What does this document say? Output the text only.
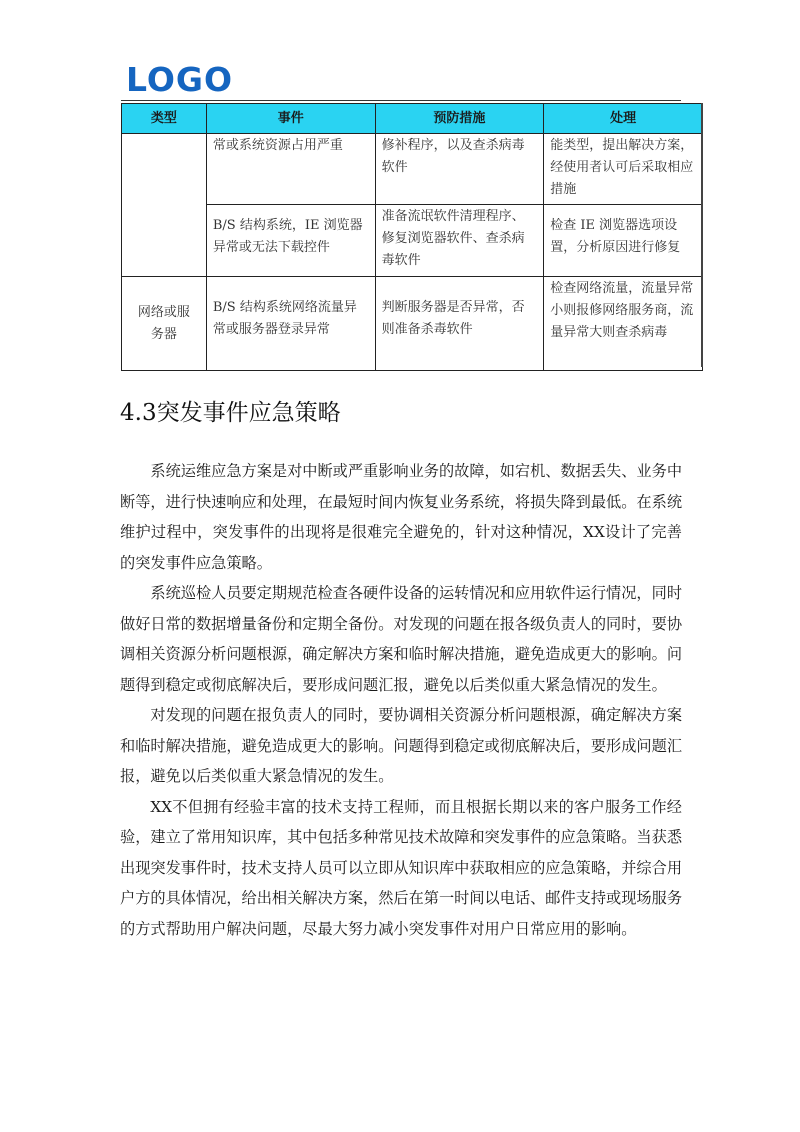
LOGO
类型	事件	预防措施	处理
	常或系统资源占用严重	修补程序，以及查杀病毒软件	能类型，提出解决方案，经使用者认可后采取相应措施
	B/S 结构系统，IE 浏览器异常或无法下载控件	准备流氓软件清理程序、修复浏览器软件、查杀病毒软件	检查 IE 浏览器选项设置，分析原因进行修复
网络或服务器	B/S 结构系统网络流量异常或服务器登录异常	判断服务器是否异常，否则准备杀毒软件	检查网络流量，流量异常小则报修网络服务商，流量异常大则查杀病毒
4.3突发事件应急策略

系统运维应急方案是对中断或严重影响业务的故障，如宕机、数据丢失、业务中断等，进行快速响应和处理，在最短时间内恢复业务系统，将损失降到最低。在系统维护过程中，突发事件的出现将是很难完全避免的，针对这种情况，XX设计了完善的突发事件应急策略。

系统巡检人员要定期规范检查各硬件设备的运转情况和应用软件运行情况，同时做好日常的数据增量备份和定期全备份。对发现的问题在报各级负责人的同时，要协调相关资源分析问题根源，确定解决方案和临时解决措施，避免造成更大的影响。问题得到稳定或彻底解决后，要形成问题汇报，避免以后类似重大紧急情况的发生。

对发现的问题在报负责人的同时，要协调相关资源分析问题根源，确定解决方案和临时解决措施，避免造成更大的影响。问题得到稳定或彻底解决后，要形成问题汇报，避免以后类似重大紧急情况的发生。

XX不但拥有经验丰富的技术支持工程师，而且根据长期以来的客户服务工作经验，建立了常用知识库，其中包括多种常见技术故障和突发事件的应急策略。当获悉出现突发事件时，技术支持人员可以立即从知识库中获取相应的应急策略，并综合用户方的具体情况，给出相关解决方案，然后在第一时间以电话、邮件支持或现场服务的方式帮助用户解决问题，尽最大努力减小突发事件对用户日常应用的影响。
